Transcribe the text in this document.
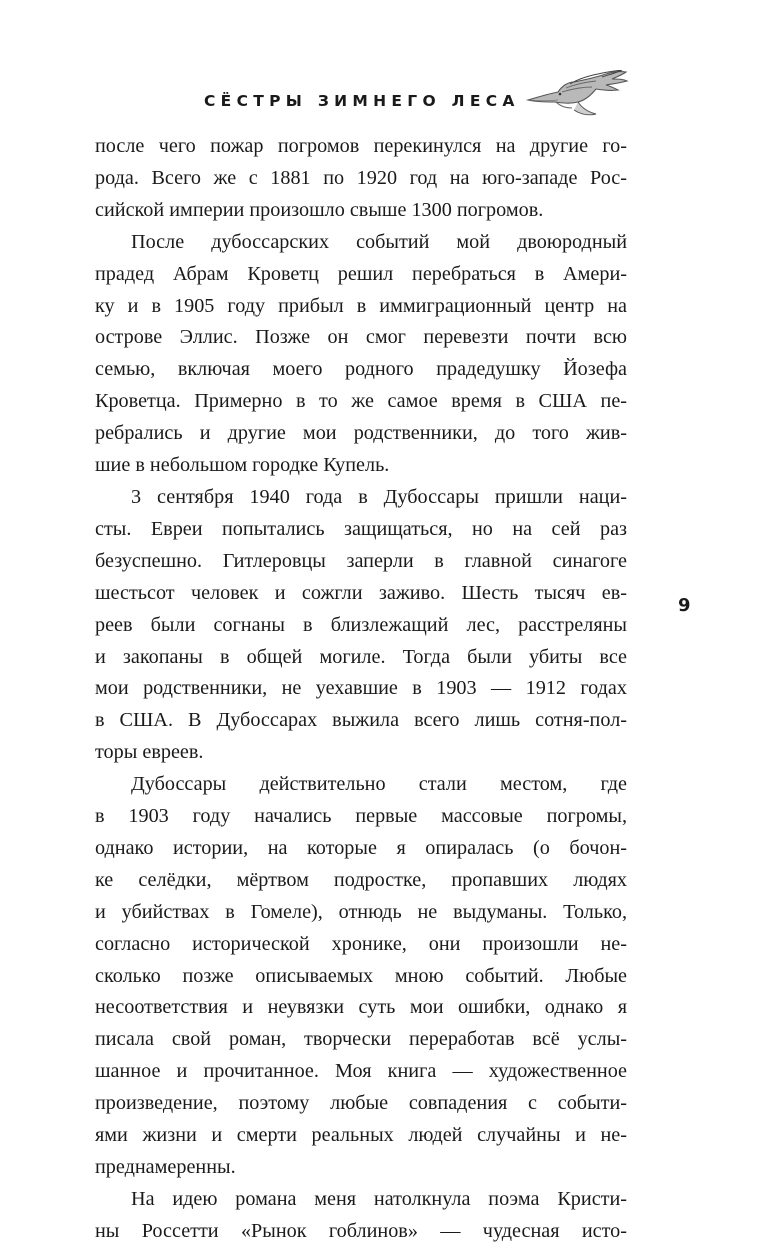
СЁСТРЫ ЗИМНЕГО ЛЕСА

после чего пожар погромов перекинулся на другие го-
рода. Всего же с 1881 по 1920 год на юго-западе Рос-
сийской империи произошло свыше 1300 погромов.

После дубоссарских событий мой двоюродный
прадед Абрам Кроветц решил перебраться в Амери-
ку и в 1905 году прибыл в иммиграционный центр на
острове Эллис. Позже он смог перевезти почти всю
семью, включая моего родного прадедушку Йозефа
Кроветца. Примерно в то же самое время в США пе-
ребрались и другие мои родственники, до того жив-
шие в небольшом городке Купель.

3 сентября 1940 года в Дубоссары пришли наци-
сты. Евреи попытались защищаться, но на сей раз
безуспешно. Гитлеровцы заперли в главной синагоге
шестьсот человек и сожгли заживо. Шесть тысяч ев-
реев были согнаны в близлежащий лес, расстреляны
и закопаны в общей могиле. Тогда были убиты все
мои родственники, не уехавшие в 1903 — 1912 годах
в США. В Дубоссарах выжила всего лишь сотня-пол-
торы евреев.

Дубоссары действительно стали местом, где
в 1903 году начались первые массовые погромы,
однако истории, на которые я опиралась (о бочон-
ке селёдки, мёртвом подростке, пропавших людях
и убийствах в Гомеле), отнюдь не выдуманы. Только,
согласно исторической хронике, они произошли не-
сколько позже описываемых мною событий. Любые
несоответствия и неувязки суть мои ошибки, однако я
писала свой роман, творчески переработав всё услы-
шанное и прочитанное. Моя книга — художественное
произведение, поэтому любые совпадения с событи-
ями жизни и смерти реальных людей случайны и не-
преднамеренны.

На идею романа меня натолкнула поэма Кристи-
ны Россетти «Рынок гоблинов» — чудесная исто-

9
